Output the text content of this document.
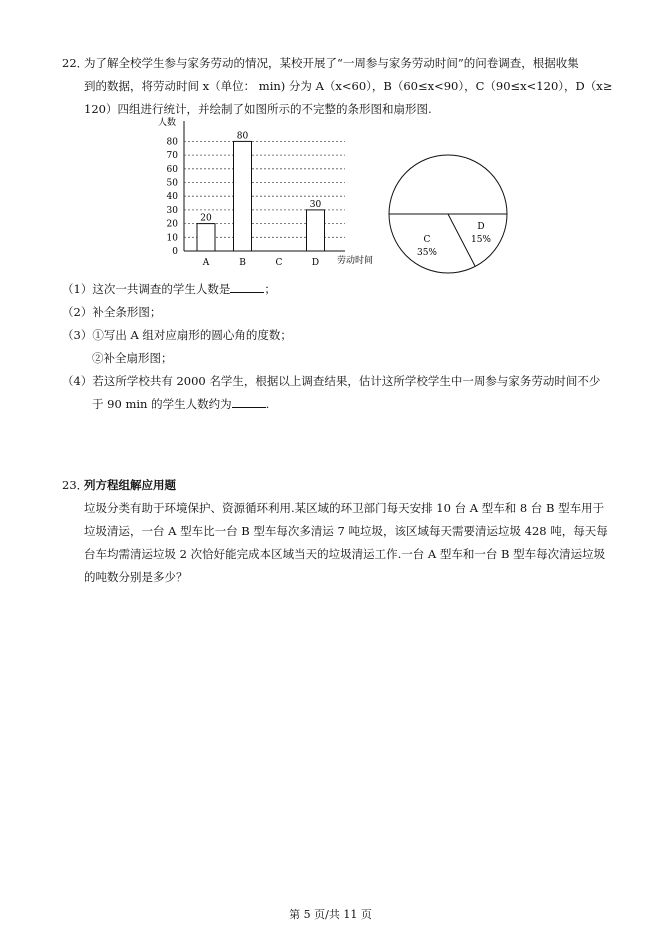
22．
为了解全校学生参与家务劳动的情况，某校开展了“一周参与家务劳动时间”的问卷调查，根据收集
到的数据，将劳动时间 x（单位： min) 分为 A（x<60），B（60≤x<90），C（90≤x<120），D（x≥
120）四组进行统计，并绘制了如图所示的不完整的条形图和扇形图.
人数
劳动时间
0
10
20
30
40
50
60
70
80
A
20
B
80
C	D
30
C
35%
D
15%
（1）这次一共调查的学生人数是	；
（2）补全条形图；
（3）①写出 A 组对应扇形的圆心角的度数；
②补全扇形图；
（4）若这所学校共有 2000 名学生，根据以上调查结果，估计这所学校学生中一周参与家务劳动时间不少
于 90 min 的学生人数约为	.
23．
列方程组解应用题
垃圾分类有助于环境保护、资源循环利用.某区域的环卫部门每天安排 10 台 A 型车和 8 台 B 型车用于
垃圾清运，一台 A 型车比一台 B 型车每次多清运 7 吨垃圾，该区域每天需要清运垃圾 428 吨，每天每
台车均需清运垃圾 2 次恰好能完成本区域当天的垃圾清运工作.一台 A 型车和一台 B 型车每次清运垃圾
的吨数分别是多少？
第 5 页/共 11 页
